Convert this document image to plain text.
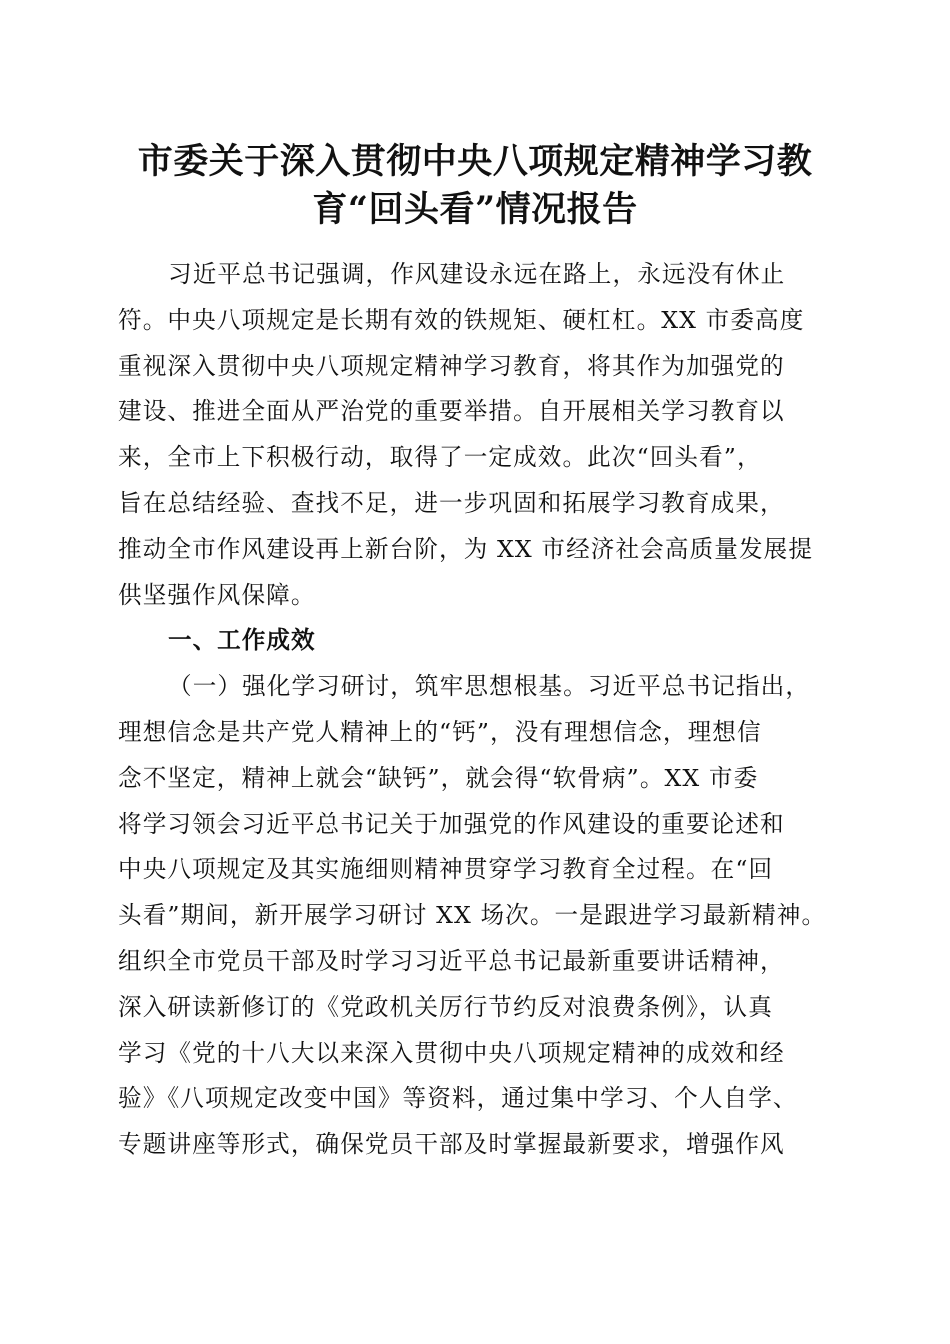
市委关于深入贯彻中央八项规定精神学习教
育“回头看”情况报告
习近平总书记强调，作风建设永远在路上，永远没有休止
符。中央八项规定是长期有效的铁规矩、硬杠杠。XX 市委高度
重视深入贯彻中央八项规定精神学习教育，将其作为加强党的
建设、推进全面从严治党的重要举措。自开展相关学习教育以
来，全市上下积极行动，取得了一定成效。此次“回头看”，
旨在总结经验、查找不足，进一步巩固和拓展学习教育成果，
推动全市作风建设再上新台阶，为 XX 市经济社会高质量发展提
供坚强作风保障。
一、工作成效
（一）强化学习研讨，筑牢思想根基。习近平总书记指出，
理想信念是共产党人精神上的“钙”，没有理想信念，理想信
念不坚定，精神上就会“缺钙”，就会得“软骨病”。XX 市委
将学习领会习近平总书记关于加强党的作风建设的重要论述和
中央八项规定及其实施细则精神贯穿学习教育全过程。在“回
头看”期间，新开展学习研讨 XX 场次。一是跟进学习最新精神。
组织全市党员干部及时学习习近平总书记最新重要讲话精神，
深入研读新修订的《党政机关厉行节约反对浪费条例》，认真
学习《党的十八大以来深入贯彻中央八项规定精神的成效和经
验》《八项规定改变中国》等资料，通过集中学习、个人自学、
专题讲座等形式，确保党员干部及时掌握最新要求，增强作风
